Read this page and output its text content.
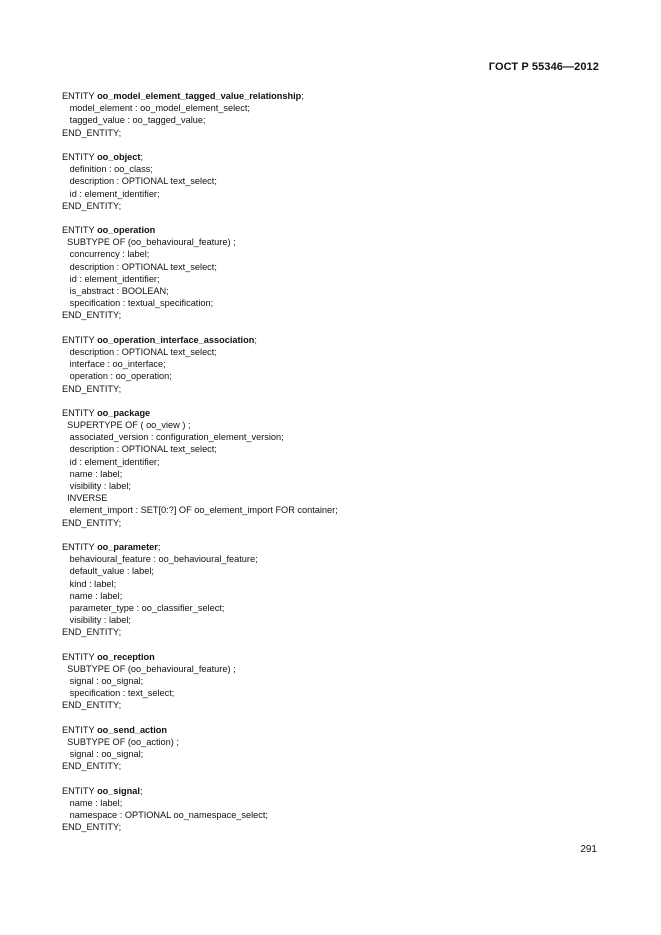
ГОСТ Р 55346—2012
ENTITY oo_model_element_tagged_value_relationship;
model_element : oo_model_element_select;
tagged_value : oo_tagged_value;
END_ENTITY;
ENTITY oo_object;
definition : oo_class;
description : OPTIONAL text_select;
id : element_identifier;
END_ENTITY;
ENTITY oo_operation
SUBTYPE OF (oo_behavioural_feature) ;
concurrency : label;
description : OPTIONAL text_select;
id : element_identifier;
is_abstract : BOOLEAN;
specification : textual_specification;
END_ENTITY;
ENTITY oo_operation_interface_association;
description : OPTIONAL text_select;
interface : oo_interface;
operation : oo_operation;
END_ENTITY;
ENTITY oo_package
SUPERTYPE OF ( oo_view ) ;
associated_version : configuration_element_version;
description : OPTIONAL text_select;
id : element_identifier;
name : label;
visibility : label;
INVERSE
element_import : SET[0:?] OF oo_element_import FOR container;
END_ENTITY;
ENTITY oo_parameter;
behavioural_feature : oo_behavioural_feature;
default_value : label;
kind : label;
name : label;
parameter_type : oo_classifier_select;
visibility : label;
END_ENTITY;
ENTITY oo_reception
SUBTYPE OF (oo_behavioural_feature) ;
signal : oo_signal;
specification : text_select;
END_ENTITY;
ENTITY oo_send_action
SUBTYPE OF (oo_action) ;
signal : oo_signal;
END_ENTITY;
ENTITY oo_signal;
name : label;
namespace : OPTIONAL oo_namespace_select;
END_ENTITY;
291
